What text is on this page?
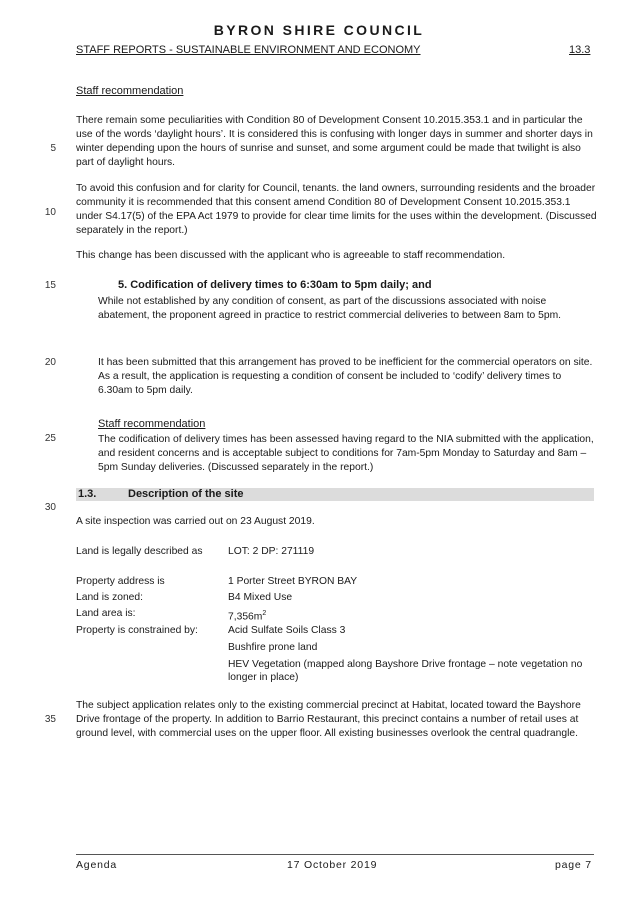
BYRON SHIRE COUNCIL
STAFF REPORTS - SUSTAINABLE ENVIRONMENT AND ECONOMY	13.3
5
10
15
20
25
30
35
Staff recommendation
There remain some peculiarities with Condition 80 of Development Consent 10.2015.353.1 and in particular the use of the words ‘daylight hours’. It is considered this is confusing with longer days in summer and shorter days in winter depending upon the hours of sunrise and sunset, and some argument could be made that twilight is also part of daylight hours.
To avoid this confusion and for clarity for Council, tenants. the land owners, surrounding residents and the broader community it is recommended that this consent amend Condition 80 of Development Consent 10.2015.353.1 under S4.17(5) of the EPA Act 1979 to provide for clear time limits for the uses within the development. (Discussed separately in the report.)
This change has been discussed with the applicant who is agreeable to staff recommendation.
5. Codification of delivery times to 6:30am to 5pm daily; and
While not established by any condition of consent, as part of the discussions associated with noise abatement, the proponent agreed in practice to restrict commercial deliveries to between 8am to 5pm.
It has been submitted that this arrangement has proved to be inefficient for the commercial operators on site. As a result, the application is requesting a condition of consent be included to ‘codify’ delivery times to 6.30am to 5pm daily.
Staff recommendation
The codification of delivery times has been assessed having regard to the NIA submitted with the application, and resident concerns and is acceptable subject to conditions for 7am-5pm Monday to Saturday and 8am – 5pm Sunday deliveries. (Discussed separately in the report.)
1.3.	Description of the site
A site inspection was carried out on 23 August 2019.
Land is legally described as	LOT: 2 DP: 271119
Property address is	1 Porter Street BYRON BAY
Land is zoned:	B4 Mixed Use
Land area is:	$7,356m^2$
Property is constrained by:	Acid Sulfate Soils Class 3
Bushfire prone land
HEV Vegetation (mapped along Bayshore Drive frontage – note vegetation no longer in place)
The subject application relates only to the existing commercial precinct at Habitat, located toward the Bayshore Drive frontage of the property. In addition to Barrio Restaurant, this precinct contains a number of retail uses at ground level, with commercial uses on the upper floor. All existing businesses overlook the central quadrangle.
Agenda	17 October 2019	page 7
